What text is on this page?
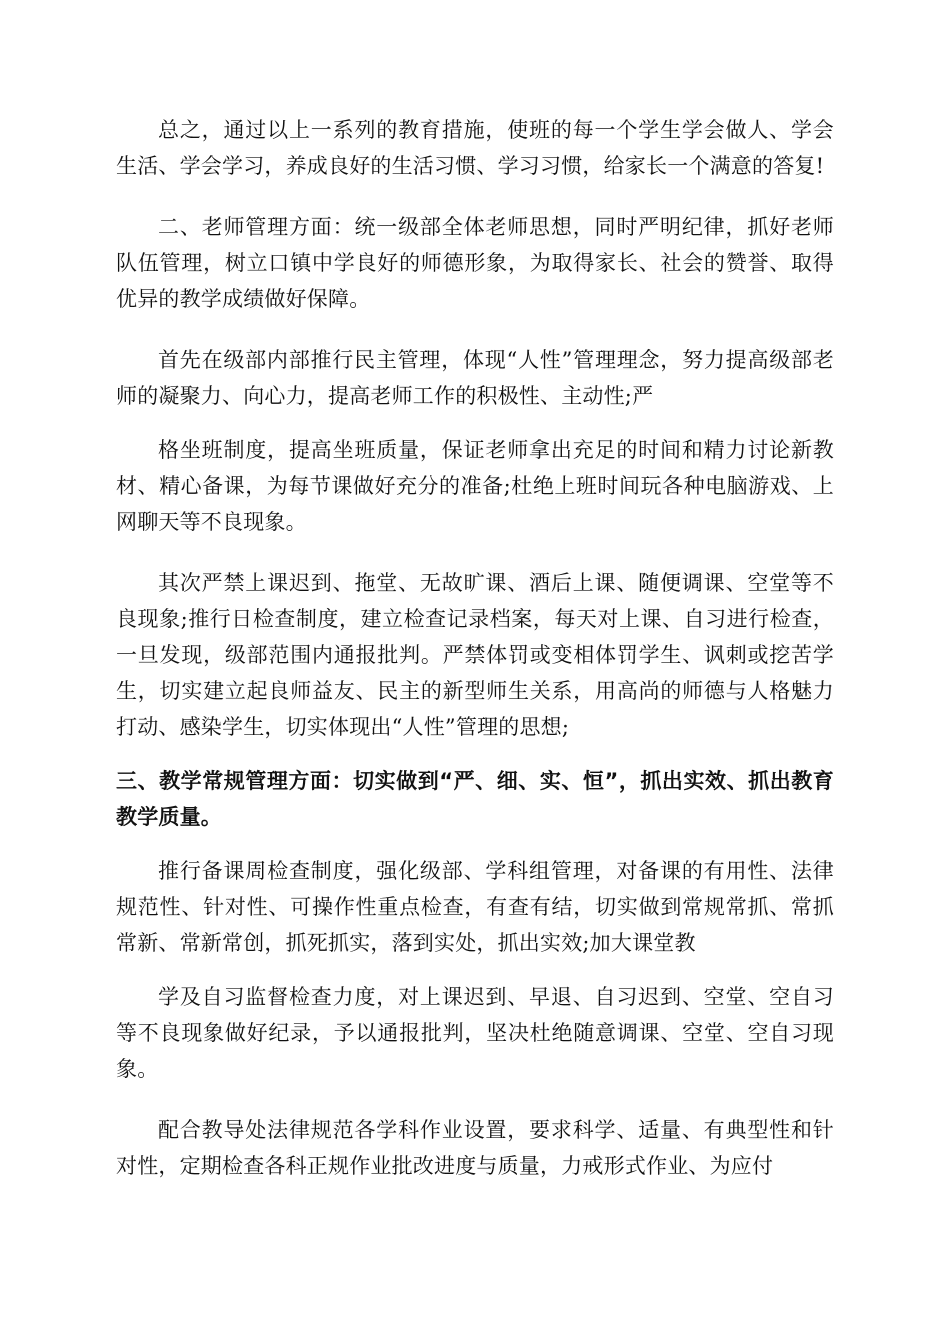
总之，通过以上一系列的教育措施，使班的每一个学生学会做人、学会生活、学会学习，养成良好的生活习惯、学习习惯，给家长一个满意的答复!

二、老师管理方面：统一级部全体老师思想，同时严明纪律，抓好老师队伍管理，树立口镇中学良好的师德形象，为取得家长、社会的赞誉、取得优异的教学成绩做好保障。

首先在级部内部推行民主管理，体现“人性”管理理念，努力提高级部老师的凝聚力、向心力，提高老师工作的积极性、主动性;严

格坐班制度，提高坐班质量，保证老师拿出充足的时间和精力讨论新教材、精心备课，为每节课做好充分的准备;杜绝上班时间玩各种电脑游戏、上网聊天等不良现象。

其次严禁上课迟到、拖堂、无故旷课、酒后上课、随便调课、空堂等不良现象;推行日检查制度，建立检查记录档案，每天对上课、自习进行检查，一旦发现，级部范围内通报批判。严禁体罚或变相体罚学生、讽刺或挖苦学生，切实建立起良师益友、民主的新型师生关系，用高尚的师德与人格魅力打动、感染学生，切实体现出“人性”管理的思想;

三、教学常规管理方面：切实做到“严、细、实、恒”，抓出实效、抓出教育教学质量。

推行备课周检查制度，强化级部、学科组管理，对备课的有用性、法律规范性、针对性、可操作性重点检查，有查有结，切实做到常规常抓、常抓常新、常新常创，抓死抓实，落到实处，抓出实效;加大课堂教

学及自习监督检查力度，对上课迟到、早退、自习迟到、空堂、空自习等不良现象做好纪录，予以通报批判，坚决杜绝随意调课、空堂、空自习现象。

配合教导处法律规范各学科作业设置，要求科学、适量、有典型性和针对性，定期检查各科正规作业批改进度与质量，力戒形式作业、为应付
